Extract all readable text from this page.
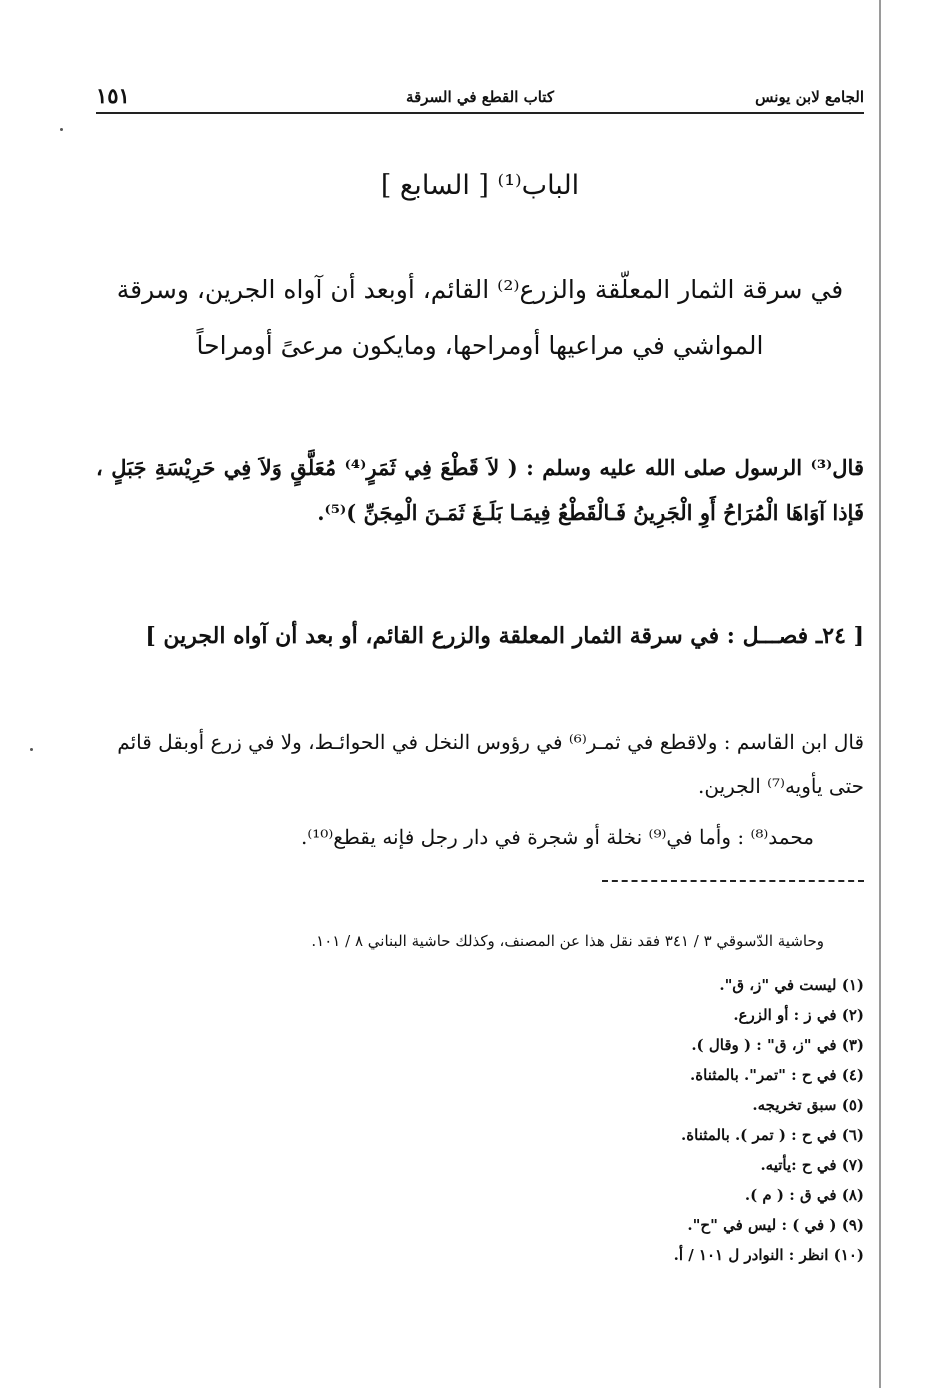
الجامع لابن يونس
كتاب القطع في السرقة
١٥١
الباب⁽¹⁾ [ السابع ]
في سرقة الثمار المعلّقة والزرع⁽²⁾ القائم، أوبعد أن آواه الجرين، وسرقة
المواشي في مراعيها أومراحها، ومايكون مرعىً أومراحاً
قال⁽³⁾ الرسول صلى الله عليه وسلم : ( لاَ قَطْعَ فِي ثَمَرٍ⁽⁴⁾ مُعَلَّقٍ وَلاَ فِي حَرِيْسَةِ جَبَلٍ ، فَإذا آوَاهَا الْمُرَاحُ أَوِ الْجَرِينُ فَـالْقَطْعُ فِيمَـا بَلَـغَ ثَمَـنَ الْمِجَنِّ )⁽⁵⁾.
[ ٢٤ـ فصـــل : في سرقة الثمار المعلقة والزرع القائم، أو بعد أن آواه الجرين ]
قال ابن القاسم : ولاقطع في ثمـر⁽⁶⁾ في رؤوس النخل في الحوائـط، ولا في زرع أوبقل قائم حتى يأويه⁽⁷⁾ الجرين.
محمد⁽⁸⁾ : وأما في⁽⁹⁾ نخلة أو شجرة في دار رجل فإنه يقطع⁽¹⁰⁾.
وحاشية الدّسوقي ٣ / ٣٤١ فقد نقل هذا عن المصنف، وكذلك حاشية البناني ٨ / ١٠١.
(١) ليست في "ز، ق".
(٢) في ز : أو الزرع.
(٣) في "ز، ق" : ( وقال ).
(٤) في ح : "تمر". بالمثناة.
(٥) سبق تخريجه.
(٦) في ح : ( تمر ). بالمثناة.
(٧) في ح :يأتيه.
(٨) في ق : ( م ).
(٩) ( في ) : ليس في "ح".
(١٠) انظر : النوادر ل ١٠١ / أ.
